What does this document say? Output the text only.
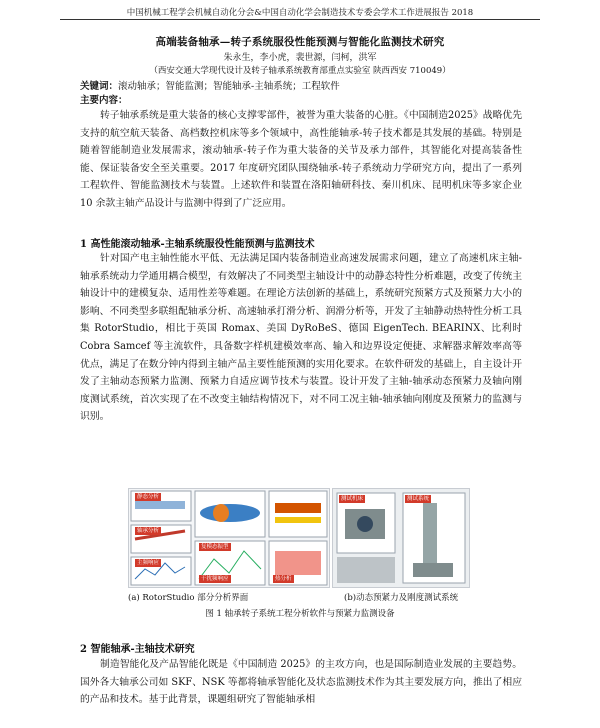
中国机械工程学会机械自动化分会&中国自动化学会制造技术专委会学术工作进展报告 2018
高端装备轴承—转子系统服役性能预测与智能化监测技术研究
朱永生，李小虎，裴世源，闫柯，洪军
（西安交通大学现代设计及转子轴承系统教育部重点实验室 陕西西安 710049）
关键词：滚动轴承；智能监测；智能轴承-主轴系统；工程软件
主要内容：
转子轴承系统是重大装备的核心支撑零部件，被誉为重大装备的心脏。《中国制造2025》战略优先支持的航空航天装备、高档数控机床等多个领域中，高性能轴承-转子技术都是其发展的基础。特别是随着智能制造业发展需求，滚动轴承-转子作为重大装备的关节及承力部件，其智能化对提高装备性能、保证装备安全至关重要。2017 年度研究团队围绕轴承-转子系统动力学研究方向，提出了一系列工程软件、智能监测技术与装置。上述软件和装置在洛阳轴研科技、秦川机床、昆明机床等多家企业 10 余款主轴产品设计与监测中得到了广泛应用。
1 高性能滚动轴承-主轴系统服役性能预测与监测技术
针对国产电主轴性能水平低、无法满足国内装备制造业高速发展需求问题，建立了高速机床主轴-轴承系统动力学通用耦合模型，有效解决了不同类型主轴设计中的动静态特性分析难题，改变了传统主轴设计中的建模复杂、适用性差等难题。在理论方法创新的基础上，系统研究预紧方式及预紧力大小的影响、不同类型多联组配轴承分析、高速轴承打滑分析、润滑分析等，开发了主轴静动热特性分析工具集 RotorStudio，相比于英国 Romax、美国 DyRoBeS、德国 EigenTech. BEARINX、比利时 Cobra Samcef 等主流软件，具备数字样机建模效率高、输入和边界设定便捷、求解器求解效率高等优点，满足了在数分钟内得到主轴产品主要性能预测的实用化要求。在软件研发的基础上，自主设计开发了主轴动态预紧力监测、预紧力自适应调节技术与装置。设计开发了主轴-轴承动态预紧力及轴向刚度测试系统，首次实现了在不改变主轴结构情况下，对不同工况主轴-轴承轴向刚度及预紧力的监测与识别。
静态分析
轴承分析
复模态振型
主频响应
干扰频响应	热分析
测试机床	测试系统
(a) RotorStudio 部分分析界面	(b)动态预紧力及刚度测试系统
图 1 轴承转子系统工程分析软件与预紧力监测设备
2 智能轴承-主轴技术研究
制造智能化及产品智能化既是《中国制造 2025》的主攻方向，也是国际制造业发展的主要趋势。国外各大轴承公司如 SKF、NSK 等都将轴承智能化及状态监测技术作为其主要发展方向，推出了相应的产品和技术。基于此背景，课题组研究了智能轴承相
